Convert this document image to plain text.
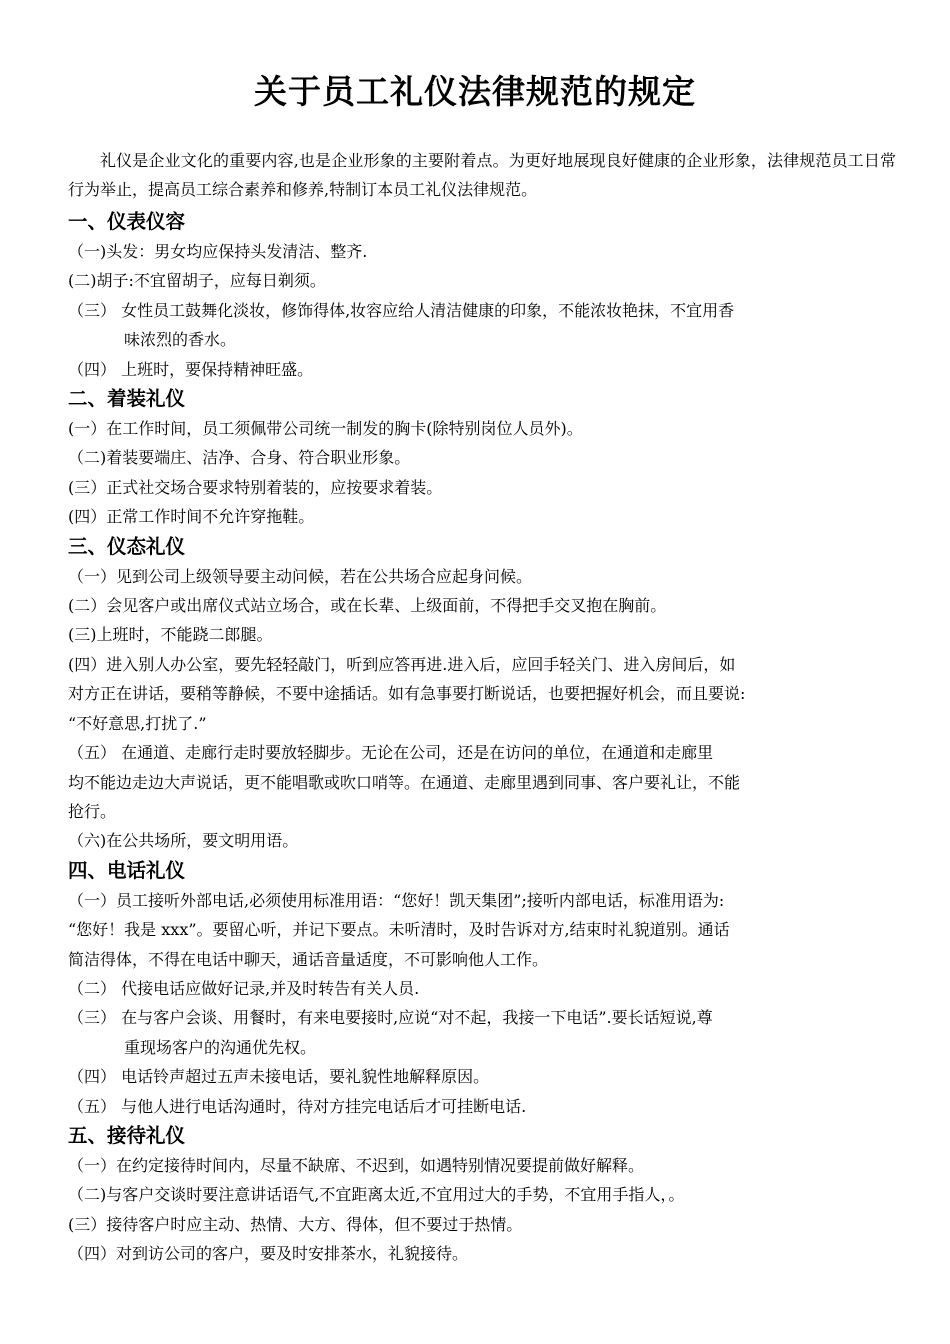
关于员工礼仪法律规范的规定

礼仪是企业文化的重要内容,也是企业形象的主要附着点。为更好地展现良好健康的企业形象，法律规范员工日常行为举止，提高员工综合素养和修养,特制订本员工礼仪法律规范。

一、仪表仪容
（一)头发：男女均应保持头发清洁、整齐.
(二)胡子:不宜留胡子，应每日剃须。
（三） 女性员工鼓舞化淡妆，修饰得体,妆容应给人清洁健康的印象，不能浓妆艳抹，不宜用香
味浓烈的香水。
（四） 上班时，要保持精神旺盛。
二、着装礼仪
(一）在工作时间，员工须佩带公司统一制发的胸卡(除特别岗位人员外)。
（二)着装要端庄、洁净、合身、符合职业形象。
(三）正式社交场合要求特别着装的，应按要求着装。
(四）正常工作时间不允许穿拖鞋。
三、仪态礼仪
（一）见到公司上级领导要主动问候，若在公共场合应起身问候。
(二）会见客户或出席仪式站立场合，或在长辈、上级面前，不得把手交叉抱在胸前。
(三)上班时，不能跷二郎腿。
(四）进入别人办公室，要先轻轻敲门，听到应答再进.进入后，应回手轻关门、进入房间后，如
对方正在讲话，要稍等静候，不要中途插话。如有急事要打断说话，也要把握好机会，而且要说:
“不好意思,打扰了.”
（五） 在通道、走廊行走时要放轻脚步。无论在公司，还是在访问的单位，在通道和走廊里
均不能边走边大声说话，更不能唱歌或吹口哨等。在通道、走廊里遇到同事、客户要礼让，不能
抢行。
（六)在公共场所，要文明用语。
四、电话礼仪
（一）员工接听外部电话,必须使用标准用语：“您好！凯天集团”;接听内部电话，标准用语为:
“您好！我是 xxx”。要留心听，并记下要点。未听清时，及时告诉对方,结束时礼貌道别。通话
简洁得体，不得在电话中聊天，通话音量适度，不可影响他人工作。
（二） 代接电话应做好记录,并及时转告有关人员.
（三） 在与客户会谈、用餐时，有来电要接时,应说“对不起，我接一下电话”.要长话短说,尊
重现场客户的沟通优先权。
（四） 电话铃声超过五声未接电话，要礼貌性地解释原因。
（五） 与他人进行电话沟通时，待对方挂完电话后才可挂断电话.
五、接待礼仪
（一）在约定接待时间内，尽量不缺席、不迟到，如遇特别情况要提前做好解释。
（二)与客户交谈时要注意讲话语气,不宜距离太近,不宜用过大的手势，不宜用手指人，。
(三）接待客户时应主动、热情、大方、得体，但不要过于热情。
（四）对到访公司的客户，要及时安排茶水，礼貌接待。
